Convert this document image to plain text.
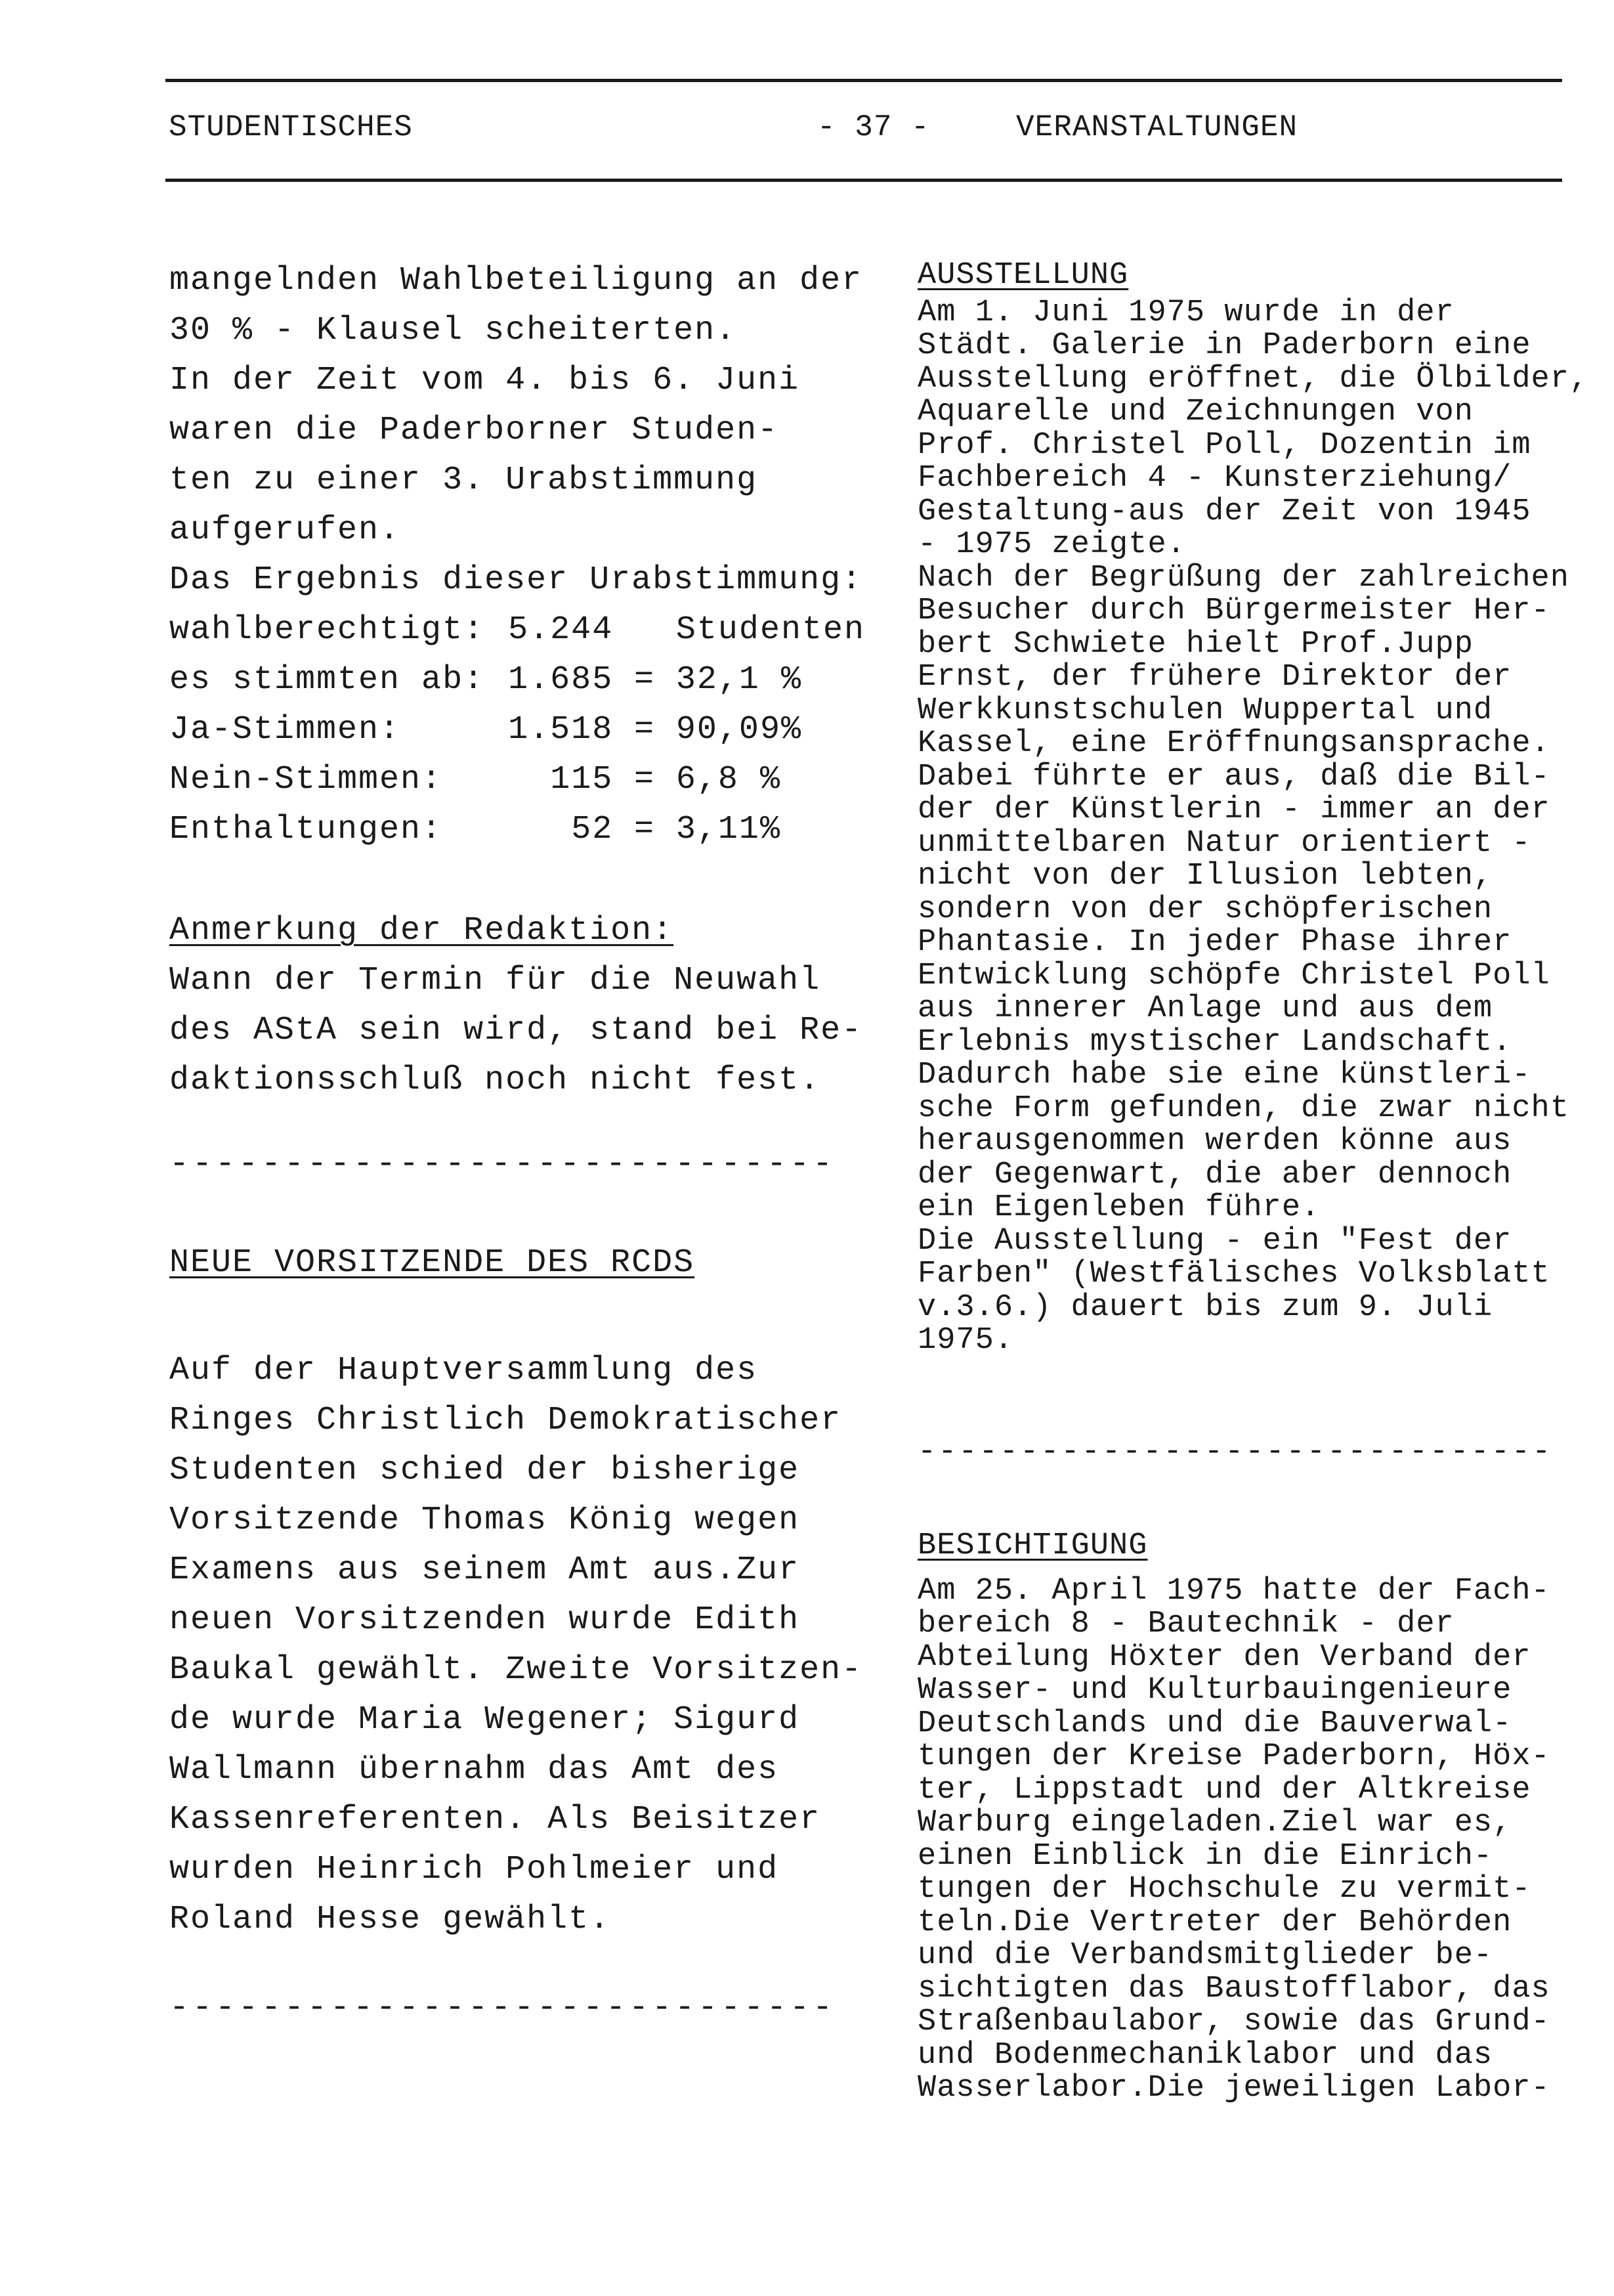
STUDENTISCHES	- 37 -	VERANSTALTUNGEN
mangelnden Wahlbeteiligung an der
30 % - Klausel scheiterten.
In der Zeit vom 4. bis 6. Juni
waren die Paderborner Studen-
ten zu einer 3. Urabstimmung
aufgerufen.
Das Ergebnis dieser Urabstimmung:
wahlberechtigt:	5.244		Studenten
es stimmten ab:	1.685	=	32,1 %
Ja-Stimmen:	1.518	=	90,09%
Nein-Stimmen:	115	=	6,8 %
Enthaltungen:	52	=	3,11%
Anmerkung der Redaktion:
Wann der Termin für die Neuwahl
des AStA sein wird, stand bei Re-
daktionsschluß noch nicht fest.
-----------------------------
NEUE VORSITZENDE DES RCDS
Auf der Hauptversammlung des
Ringes Christlich Demokratischer
Studenten schied der bisherige
Vorsitzende Thomas König wegen
Examens aus seinem Amt aus.Zur
neuen Vorsitzenden wurde Edith
Baukal gewählt. Zweite Vorsitzen-
de wurde Maria Wegener; Sigurd
Wallmann übernahm das Amt des
Kassenreferenten. Als Beisitzer
wurden Heinrich Pohlmeier und
Roland Hesse gewählt.
-----------------------------
AUSSTELLUNG
Am 1. Juni 1975 wurde in der
Städt. Galerie in Paderborn eine
Ausstellung eröffnet, die Ölbilder,
Aquarelle und Zeichnungen von
Prof. Christel Poll, Dozentin im
Fachbereich 4 - Kunsterziehung/
Gestaltung-aus der Zeit von 1945
- 1975 zeigte.
Nach der Begrüßung der zahlreichen
Besucher durch Bürgermeister Her-
bert Schwiete hielt Prof.Jupp
Ernst, der frühere Direktor der
Werkkunstschulen Wuppertal und
Kassel, eine Eröffnungsansprache.
Dabei führte er aus, daß die Bil-
der der Künstlerin - immer an der
unmittelbaren Natur orientiert -
nicht von der Illusion lebten,
sondern von der schöpferischen
Phantasie. In jeder Phase ihrer
Entwicklung schöpfe Christel Poll
aus innerer Anlage und aus dem
Erlebnis mystischer Landschaft.
Dadurch habe sie eine künstleri-
sche Form gefunden, die zwar nicht
herausgenommen werden könne aus
der Gegenwart, die aber dennoch
ein Eigenleben führe.
Die Ausstellung - ein "Fest der
Farben" (Westfälisches Volksblatt
v.3.6.) dauert bis zum 9. Juli
1975.
-------------------------------
BESICHTIGUNG
Am 25. April 1975 hatte der Fach-
bereich 8 - Bautechnik - der
Abteilung Höxter den Verband der
Wasser- und Kulturbauingenieure
Deutschlands und die Bauverwal-
tungen der Kreise Paderborn, Höx-
ter, Lippstadt und der Altkreise
Warburg eingeladen.Ziel war es,
einen Einblick in die Einrich-
tungen der Hochschule zu vermit-
teln.Die Vertreter der Behörden
und die Verbandsmitglieder be-
sichtigten das Baustofflabor, das
Straßenbaulabor, sowie das Grund-
und Bodenmechaniklabor und das
Wasserlabor.Die jeweiligen Labor-
